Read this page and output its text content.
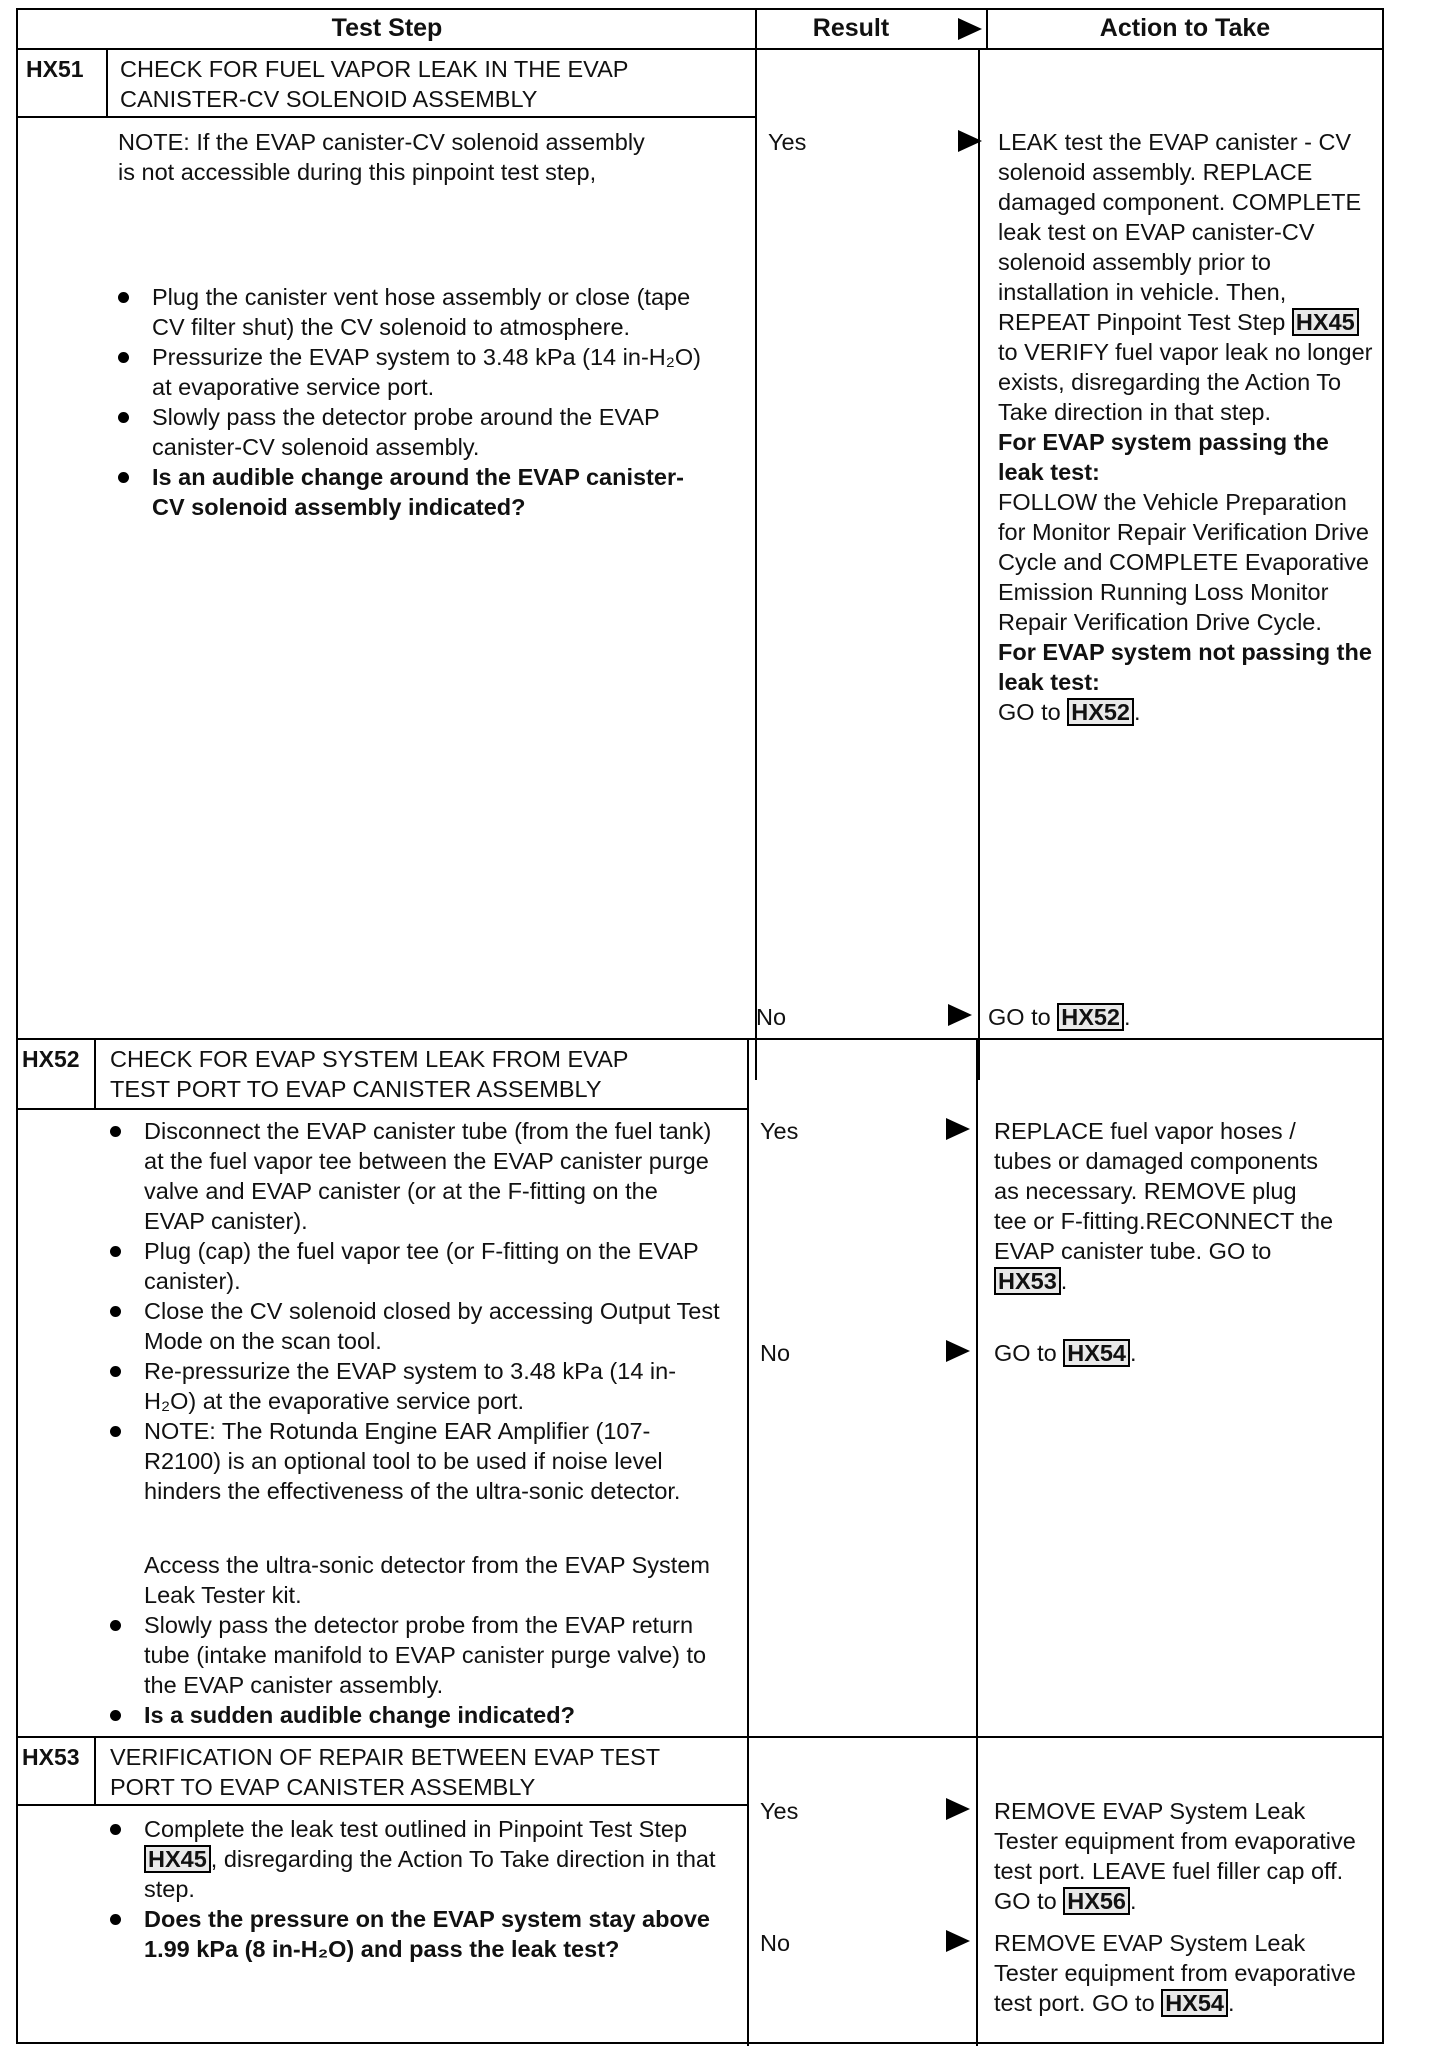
Test Step	Result	Action to Take
HX51 CHECK FOR FUEL VAPOR LEAK IN THE EVAP
CANISTER-CV SOLENOID ASSEMBLY
NOTE: If the EVAP canister-CV solenoid assembly
is not accessible during this pinpoint test step,
Plug the canister vent hose assembly or close (tape CV filter shut) the CV solenoid to atmosphere.
Pressurize the EVAP system to 3.48 kPa (14 in-H₂O) at evaporative service port.
Slowly pass the detector probe around the EVAP canister-CV solenoid assembly.
Is an audible change around the EVAP canister-CV solenoid assembly indicated?
Yes	LEAK test the EVAP canister - CV solenoid assembly. REPLACE damaged component. COMPLETE leak test on EVAP canister-CV solenoid assembly prior to installation in vehicle. Then, REPEAT Pinpoint Test Step HX45 to VERIFY fuel vapor leak no longer exists, disregarding the Action To Take direction in that step.

For EVAP system passing the leak test:

FOLLOW the Vehicle Preparation for Monitor Repair Verification Drive Cycle and COMPLETE Evaporative Emission Running Loss Monitor Repair Verification Drive Cycle.

For EVAP system not passing the leak test:

GO to HX52 .

No	GO to HX52 .
HX52 CHECK FOR EVAP SYSTEM LEAK FROM EVAP
TEST PORT TO EVAP CANISTER ASSEMBLY
Disconnect the EVAP canister tube (from the fuel tank) at the fuel vapor tee between the EVAP canister purge valve and EVAP canister (or at the F-fitting on the EVAP canister).
Plug (cap) the fuel vapor tee (or F-fitting on the EVAP canister).
Close the CV solenoid closed by accessing Output Test Mode on the scan tool.
Re-pressurize the EVAP system to 3.48 kPa (14 in-H₂O) at the evaporative service port.
NOTE: The Rotunda Engine EAR Amplifier (107-R2100) is an optional tool to be used if noise level hinders the effectiveness of the ultra-sonic detector.
Access the ultra-sonic detector from the EVAP System Leak Tester kit.
Slowly pass the detector probe from the EVAP return tube (intake manifold to EVAP canister purge valve) to the EVAP canister assembly.
Is a sudden audible change indicated?
Yes	REPLACE fuel vapor hoses / tubes or damaged components as necessary. REMOVE plug tee or F-fitting.RECONNECT the EVAP canister tube. GO to HX53 .
No	GO to HX54 .
HX53 VERIFICATION OF REPAIR BETWEEN EVAP TEST
PORT TO EVAP CANISTER ASSEMBLY
Complete the leak test outlined in Pinpoint Test Step HX45 , disregarding the Action To Take direction in that step.
Does the pressure on the EVAP system stay above 1.99 kPa (8 in-H₂O) and pass the leak test?
Yes	REMOVE EVAP System Leak Tester equipment from evaporative test port. LEAVE fuel filler cap off. GO to HX56 .
No	REMOVE EVAP System Leak Tester equipment from evaporative test port. GO to HX54 .
